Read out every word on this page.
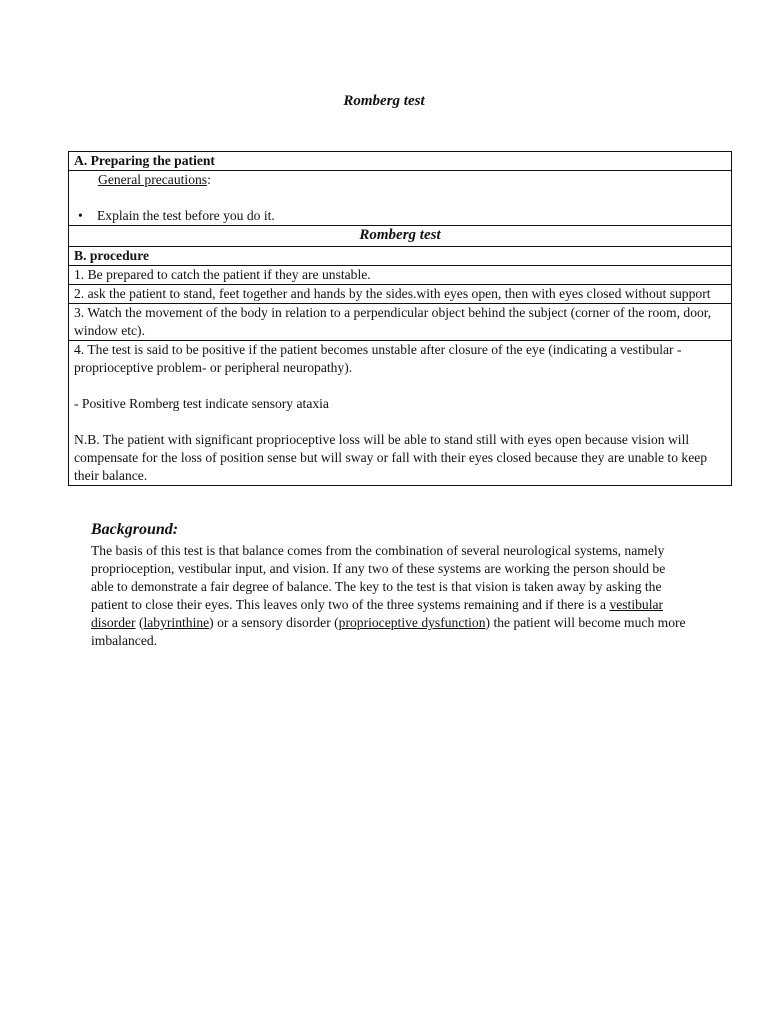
Romberg test
A. Preparing the patient

General precautions:
• Explain the test before you do it.

Romberg test
B. procedure
1. Be prepared to catch the patient if they are unstable.
2. ask the patient to stand, feet together and hands by the sides.with eyes open, then with eyes closed without support
3. Watch the movement of the body in relation to a perpendicular object behind the subject (corner of the room, door, window etc).

4. The test is said to be positive if the patient becomes unstable after closure of the eye (indicating a vestibular - proprioceptive problem- or peripheral neuropathy).

- Positive Romberg test indicate sensory ataxia

N.B. The patient with significant proprioceptive loss will be able to stand still with eyes open because vision will compensate for the loss of position sense but will sway or fall with their eyes closed because they are unable to keep their balance.

Background:

The basis of this test is that balance comes from the combination of several neurological systems, namely proprioception, vestibular input, and vision. If any two of these systems are working the person should be able to demonstrate a fair degree of balance. The key to the test is that vision is taken away by asking the patient to close their eyes. This leaves only two of the three systems remaining and if there is a vestibular disorder (labyrinthine) or a sensory disorder (proprioceptive dysfunction) the patient will become much more imbalanced.
